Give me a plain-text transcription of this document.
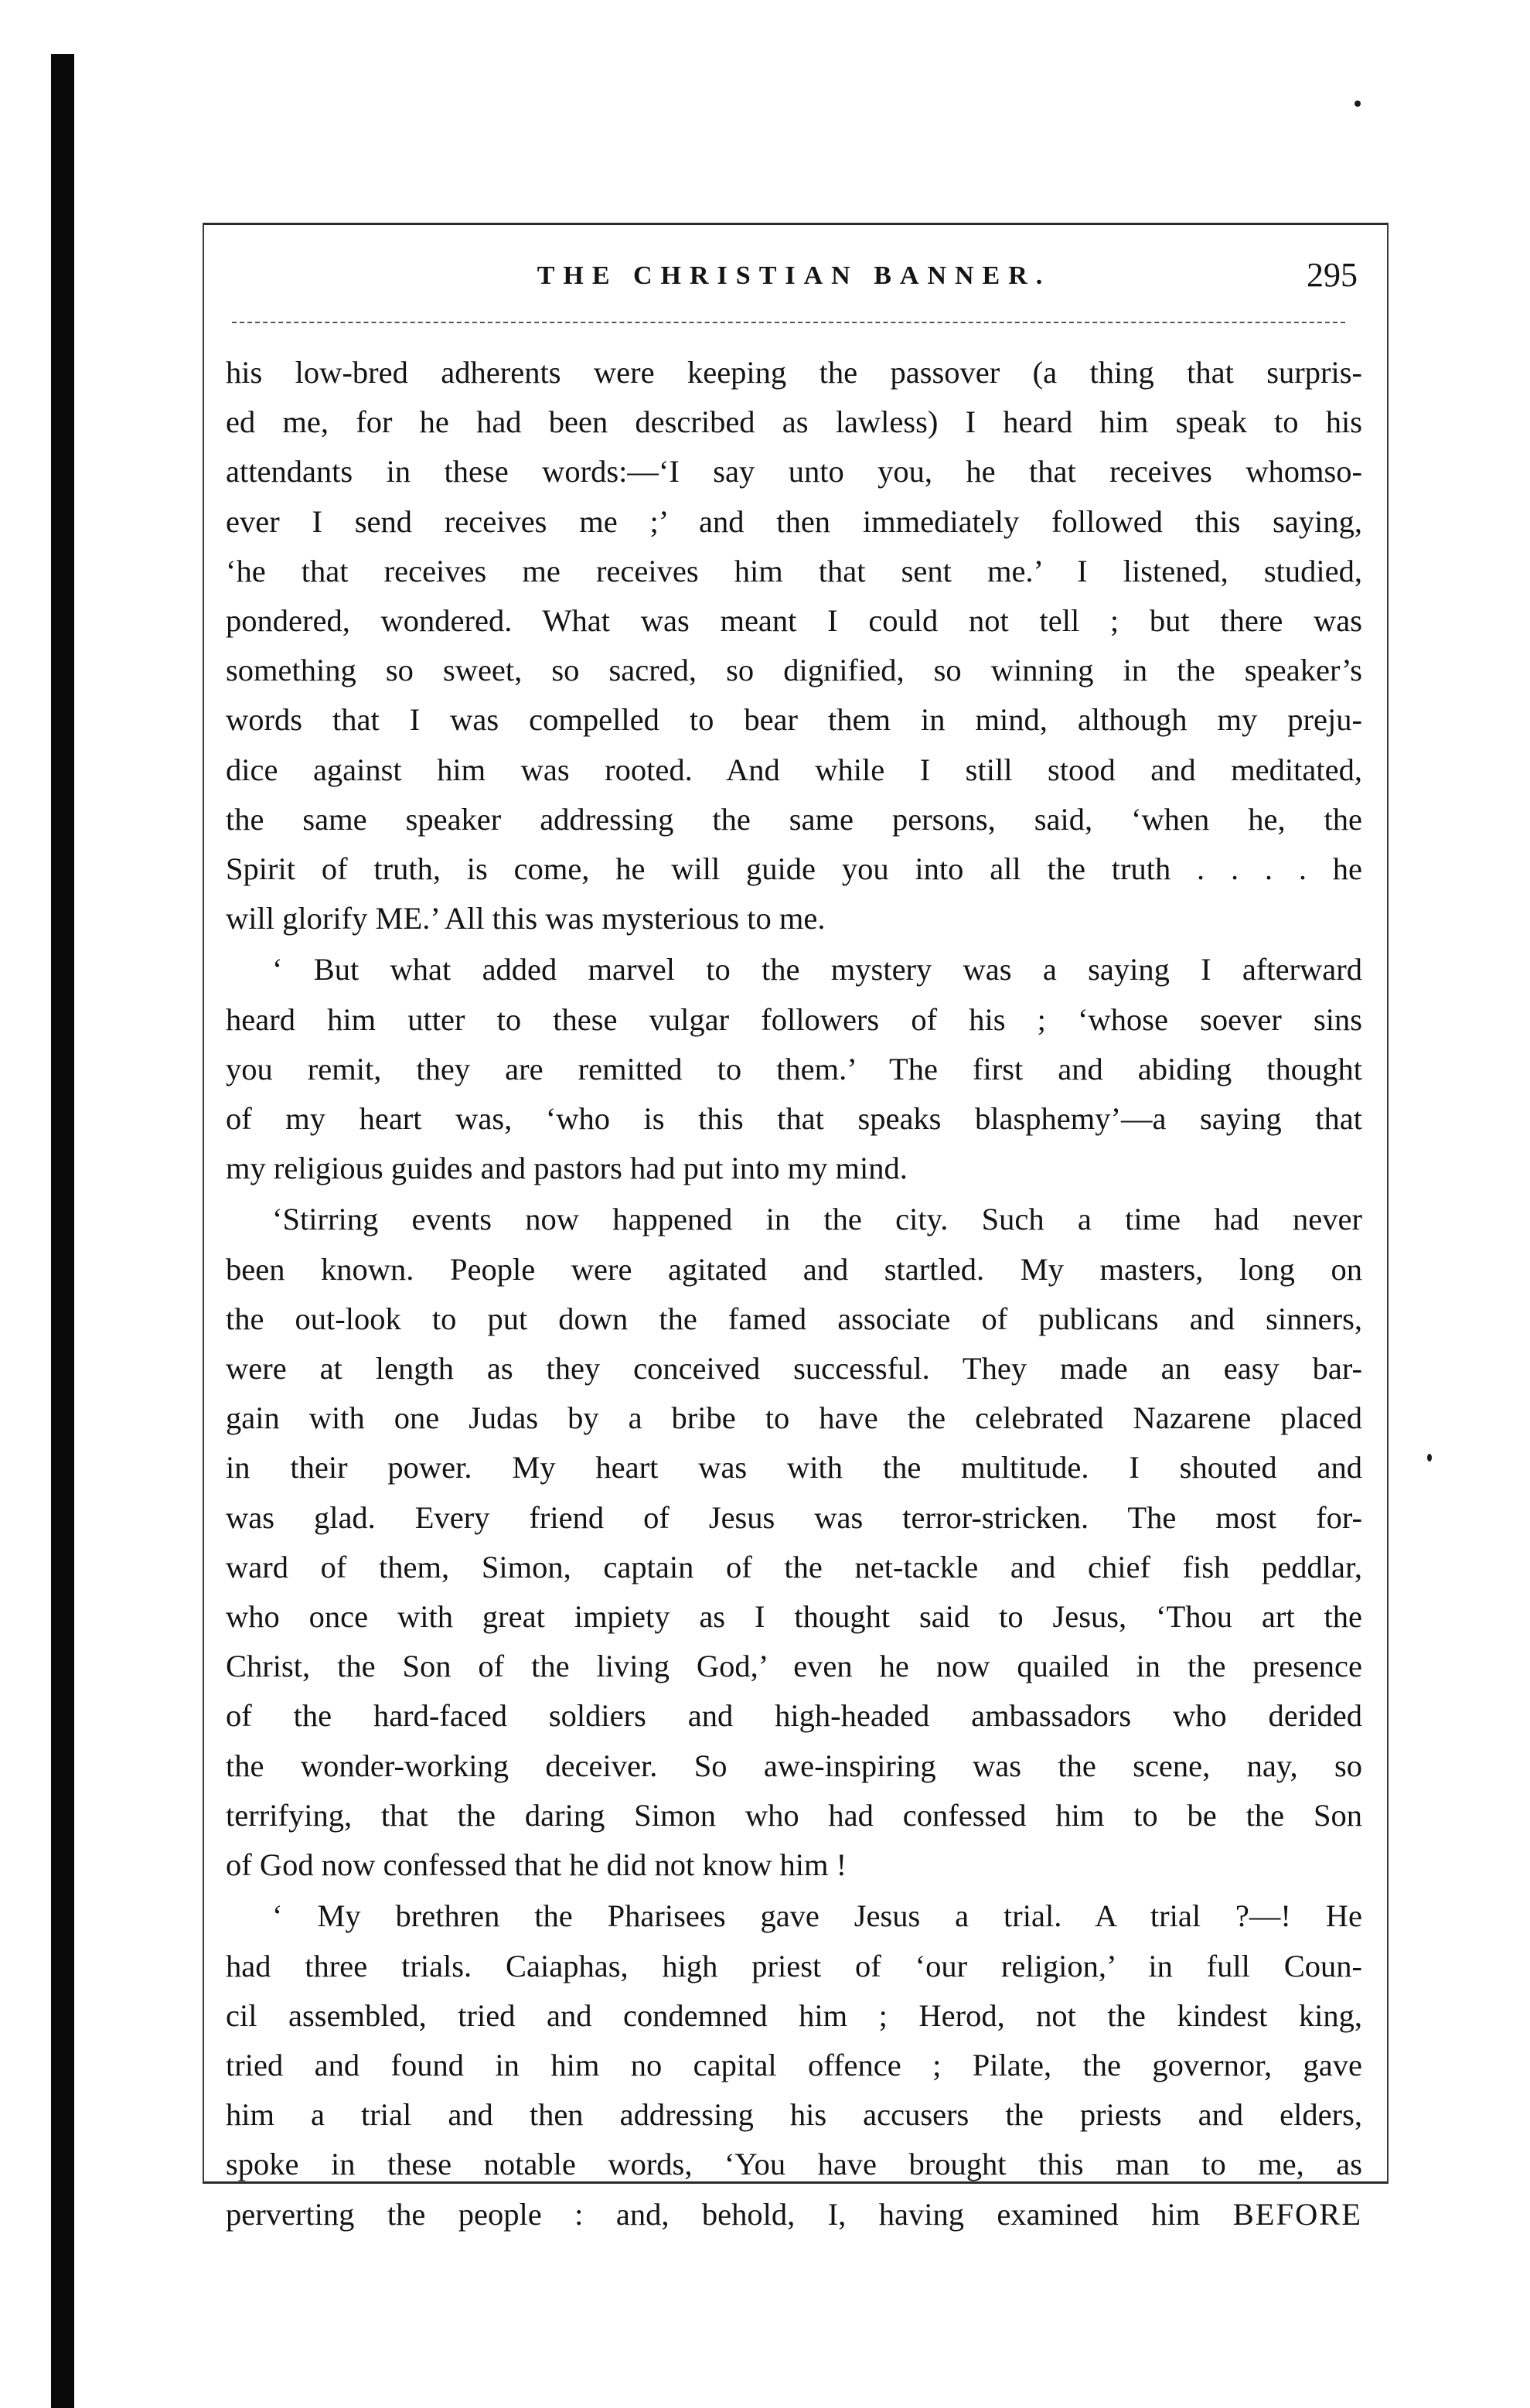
THE CHRISTIAN BANNER.	295

his low-bred adherents were keeping the passover (a thing that surpris-
ed me, for he had been described as lawless) I heard him speak to his
attendants in these words:—‘I say unto you, he that receives whomso-
ever I send receives me ;’ and then immediately followed this saying,
‘he that receives me receives him that sent me.’ I listened, studied,
pondered, wondered. What was meant I could not tell ; but there was
something so sweet, so sacred, so dignified, so winning in the speaker’s
words that I was compelled to bear them in mind, although my preju-
dice against him was rooted. And while I still stood and meditated,
the same speaker addressing the same persons, said, ‘when he, the
Spirit of truth, is come, he will guide you into all the truth . . . . he
will glorify ME.’ All this was mysterious to me.

‘ But what added marvel to the mystery was a saying I afterward
heard him utter to these vulgar followers of his ; ‘whose soever sins
you remit, they are remitted to them.’ The first and abiding thought
of my heart was, ‘who is this that speaks blasphemy’—a saying that
my religious guides and pastors had put into my mind.

‘Stirring events now happened in the city. Such a time had never
been known. People were agitated and startled. My masters, long on
the out-look to put down the famed associate of publicans and sinners,
were at length as they conceived successful. They made an easy bar-
gain with one Judas by a bribe to have the celebrated Nazarene placed
in their power. My heart was with the multitude. I shouted and
was glad. Every friend of Jesus was terror-stricken. The most for-
ward of them, Simon, captain of the net-tackle and chief fish peddlar,
who once with great impiety as I thought said to Jesus, ‘Thou art the
Christ, the Son of the living God,’ even he now quailed in the presence
of the hard-faced soldiers and high-headed ambassadors who derided
the wonder-working deceiver. So awe-inspiring was the scene, nay, so
terrifying, that the daring Simon who had confessed him to be the Son
of God now confessed that he did not know him !

‘ My brethren the Pharisees gave Jesus a trial. A trial ?—! He
had three trials. Caiaphas, high priest of ‘our religion,’ in full Coun-
cil assembled, tried and condemned him ; Herod, not the kindest king,
tried and found in him no capital offence ; Pilate, the governor, gave
him a trial and then addressing his accusers the priests and elders,
spoke in these notable words, ‘You have brought this man to me, as
perverting the people : and, behold, I, having examined him BEFORE
